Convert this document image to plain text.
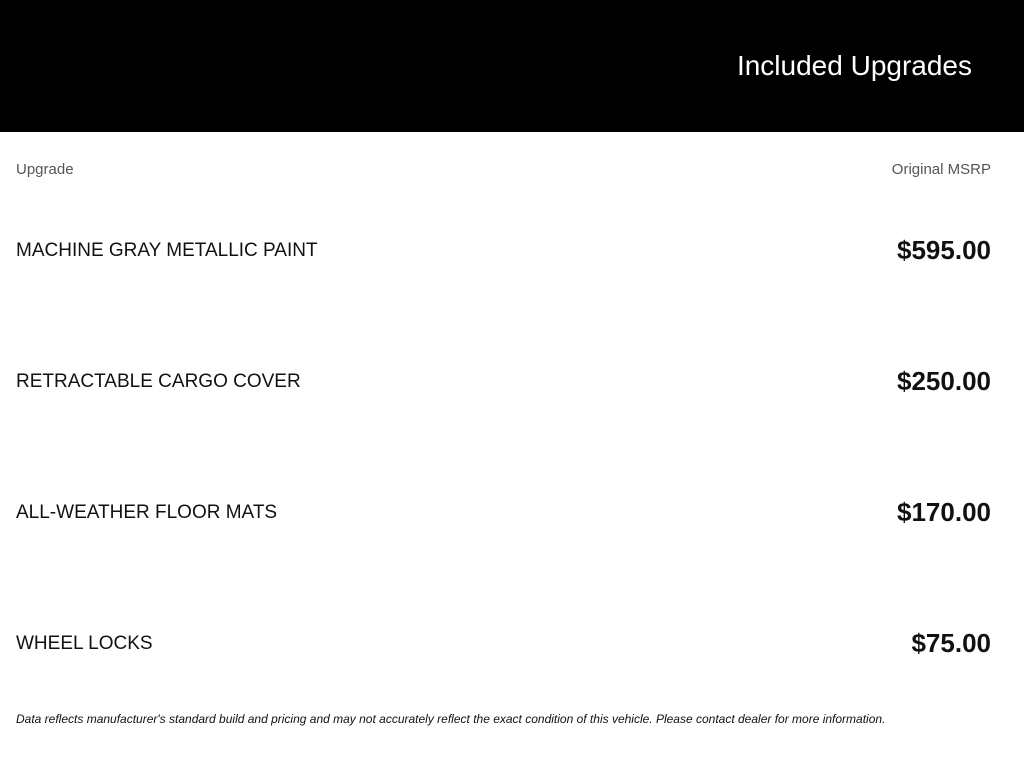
Included Upgrades
Upgrade	Original MSRP
MACHINE GRAY METALLIC PAINT	$595.00
RETRACTABLE CARGO COVER	$250.00
ALL-WEATHER FLOOR MATS	$170.00
WHEEL LOCKS	$75.00
Data reflects manufacturer's standard build and pricing and may not accurately reflect the exact condition of this vehicle. Please contact dealer for more information.
